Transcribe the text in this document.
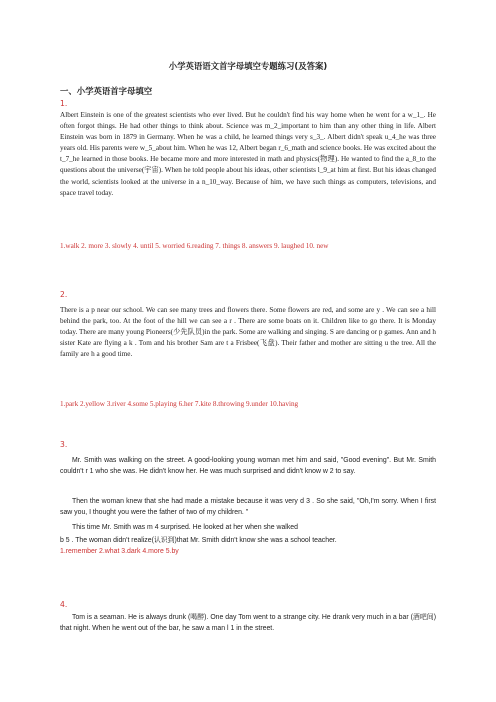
小学英语语文首字母填空专题练习(及答案)
一、小学英语首字母填空
1.
Albert Einstein is one of the greatest scientists who ever lived. But he couldn't find his way home when he went for a w_1_. He often forgot things. He had other things to think about. Science was m_2_important to him than any other thing in life. Albert Einstein was born in 1879 in Germany. When he was a child, he learned things very s_3_. Albert didn't speak u_4_he was three years old. His parents were w_5_about him. When he was 12, Albert began r_6_math and science books. He was excited about the t_7_he learned in those books. He became more and more interested in math and physics(物理). He wanted to find the a_8_to the questions about the universe(宇宙). When he told people about his ideas, other scientists l_9_at him at first. But his ideas changed the world, scientists looked at the universe in a n_10_way. Because of him, we have such things as computers, televisions, and space travel today.
1.walk 2. more 3. slowly 4. until 5. worried 6.reading 7. things 8. answers 9. laughed 10. new
2.
There is a p near our school. We can see many trees and flowers there. Some flowers are red, and some are y . We can see a hill behind the park, too. At the foot of the hill we can see a r . There are some boats on it. Children like to go there. It is Monday today. There are many young Pioneers(少先队员)in the park. Some are walking and singing. S are dancing or p games. Ann and h sister Kate are flying a k . Tom and his brother Sam are t a Frisbee(飞盘). Their father and mother are sitting u the tree. All the family are h a good time.
1.park 2.yellow 3.river 4.some 5.playing 6.her 7.kite 8.throwing 9.under 10.having
3.
Mr. Smith was walking on the street. A good-looking young woman met him and said, "Good evening". But Mr. Smith couldn't r 1 who she was. He didn't know her. He was much surprised and didn't know w 2 to say.
Then the woman knew that she had made a mistake because it was very d 3 . So she said, "Oh,I'm sorry. When I first saw you, I thought you were the father of two of my children. "
This time Mr. Smith was m 4 surprised. He looked at her when she walked
b 5 . The woman didn't realize(认识到)that Mr. Smith didn't know she was a school teacher.
1.remember 2.what 3.dark 4.more 5.by
4.
Tom is a seaman. He is always drunk (喝醉). One day Tom went to a strange city. He drank very much in a bar (酒吧间) that night. When he went out of the bar, he saw a man l 1 in the street.
